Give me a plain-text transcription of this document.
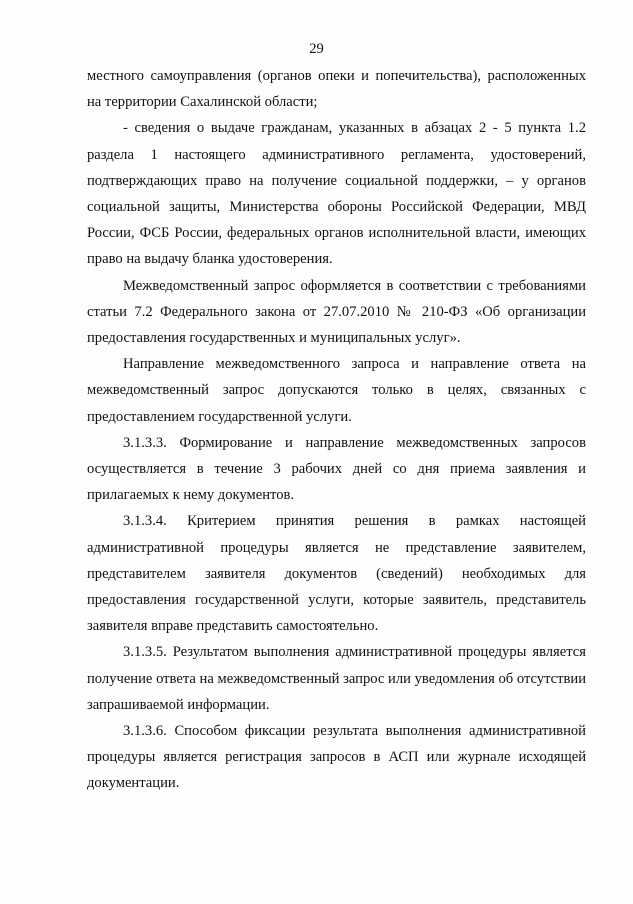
29

местного самоуправления (органов опеки и попечительства), расположенных на территории Сахалинской области;

- сведения о выдаче гражданам, указанных в абзацах 2 - 5 пункта 1.2 раздела 1 настоящего административного регламента, удостоверений, подтверждающих право на получение социальной поддержки, – у органов социальной защиты, Министерства обороны Российской Федерации, МВД России, ФСБ России, федеральных органов исполнительной власти, имеющих право на выдачу бланка удостоверения.

Межведомственный запрос оформляется в соответствии с требованиями статьи 7.2 Федерального закона от 27.07.2010 № 210-ФЗ «Об организации предоставления государственных и муниципальных услуг».

Направление межведомственного запроса и направление ответа на межведомственный запрос допускаются только в целях, связанных с предоставлением государственной услуги.

3.1.3.3. Формирование и направление межведомственных запросов осуществляется в течение 3 рабочих дней со дня приема заявления и прилагаемых к нему документов.

3.1.3.4. Критерием принятия решения в рамках настоящей административной процедуры является не представление заявителем, представителем заявителя документов (сведений) необходимых для предоставления государственной услуги, которые заявитель, представитель заявителя вправе представить самостоятельно.

3.1.3.5. Результатом выполнения административной процедуры является получение ответа на межведомственный запрос или уведомления об отсутствии запрашиваемой информации.

3.1.3.6. Способом фиксации результата выполнения административной процедуры является регистрация запросов в АСП или журнале исходящей документации.
